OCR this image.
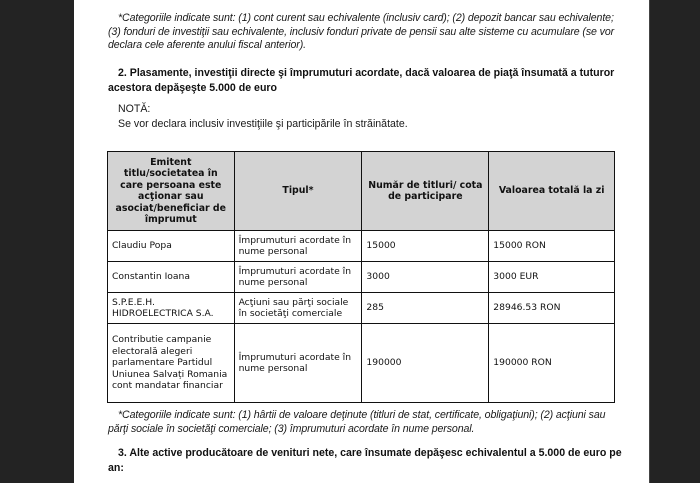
*Categoriile indicate sunt: (1) cont curent sau echivalente (inclusiv card); (2) depozit bancar sau echivalente; (3) fonduri de investiţii sau echivalente, inclusiv fonduri private de pensii sau alte sisteme cu acumulare (se vor declara cele aferente anului fiscal anterior).
2. Plasamente, investiţii directe şi împrumuturi acordate, dacă valoarea de piaţă însumată a tuturor acestora depăşeşte 5.000 de euro
NOTĂ:
Se vor declara inclusiv investiţiile şi participările în străinătate.
Emitent titlu/societatea în care persoana este acţionar sau asociat/beneficiar de împrumut	Tipul*	Număr de titluri/ cota de participare	Valoarea totală la zi
Claudiu Popa	Împrumuturi acordate în nume personal	15000	15000 RON
Constantin Ioana	Împrumuturi acordate în nume personal	3000	3000 EUR
S.P.E.E.H. HIDROELECTRICA S.A.	Acţiuni sau părţi sociale în societăţi comerciale	285	28946.53 RON
Contributie campanie electorală alegeri parlamentare Partidul Uniunea Salvați Romania cont mandatar financiar	Împrumuturi acordate în nume personal	190000	190000 RON
*Categoriile indicate sunt: (1) hârtii de valoare deţinute (titluri de stat, certificate, obligaţiuni); (2) acţiuni sau părţi sociale în societăţi comerciale; (3) împrumuturi acordate în nume personal.
3. Alte active producătoare de venituri nete, care însumate depăşesc echivalentul a 5.000 de euro pe an:
